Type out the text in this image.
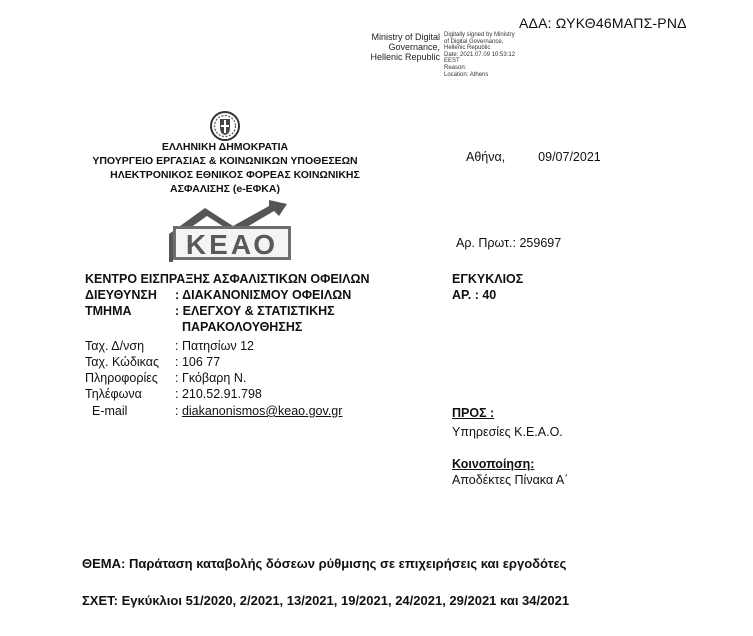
ΑΔΑ: ΩΥΚΘ46ΜΑΠΣ-ΡΝΔ
Ministry of Digital
Governance,
Hellenic Republic
Digitally signed by Ministry
of Digital Governance,
Hellenic Republic
Date: 2021.07.09 10:53:12
EEST
Reason:
Location: Athens
ΕΛΛΗΝΙΚΗ ΔΗΜΟΚΡΑΤΙΑ
ΥΠΟΥΡΓΕΙΟ ΕΡΓΑΣΙΑΣ & ΚΟΙΝΩΝΙΚΩΝ ΥΠΟΘΕΣΕΩΝ
ΗΛΕΚΤΡΟΝΙΚΟΣ ΕΘΝΙΚΟΣ ΦΟΡΕΑΣ ΚΟΙΝΩΝΙΚΗΣ
ΑΣΦΑΛΙΣΗΣ (e-ΕΦΚΑ)
ΚΕΑΟ
Αθήνα,	09/07/2021
Αρ. Πρωτ.: 259697
ΚΕΝΤΡΟ ΕΙΣΠΡΑΞΗΣ ΑΣΦΑΛΙΣΤΙΚΩΝ ΟΦΕΙΛΩΝ
ΔΙΕΥΘΥΝΣΗ : ΔΙΑΚΑΝΟΝΙΣΜΟΥ ΟΦΕΙΛΩΝ
ΤΜΗΜΑ	: ΕΛΕΓΧΟΥ & ΣΤΑΤΙΣΤΙΚΗΣ
ΠΑΡΑΚΟΛΟΥΘΗΣΗΣ
Ταχ. Δ/νση : Πατησίων 12
Ταχ. Κώδικας : 106 77
Πληροφορίες : Γκόβαρη Ν.
Τηλέφωνα	: 210.52.91.798
E-mail	: diakanonismos@keao.gov.gr
ΕΓΚΥΚΛΙΟΣ
ΑΡ. : 40
ΠΡΟΣ :
Υπηρεσίες Κ.Ε.Α.Ο.
Κοινοποίηση:
Αποδέκτες Πίνακα Α΄
ΘΕΜΑ: Παράταση καταβολής δόσεων ρύθμισης σε επιχειρήσεις και εργοδότες
ΣΧΕΤ: Εγκύκλιοι 51/2020, 2/2021, 13/2021, 19/2021, 24/2021, 29/2021 και 34/2021
